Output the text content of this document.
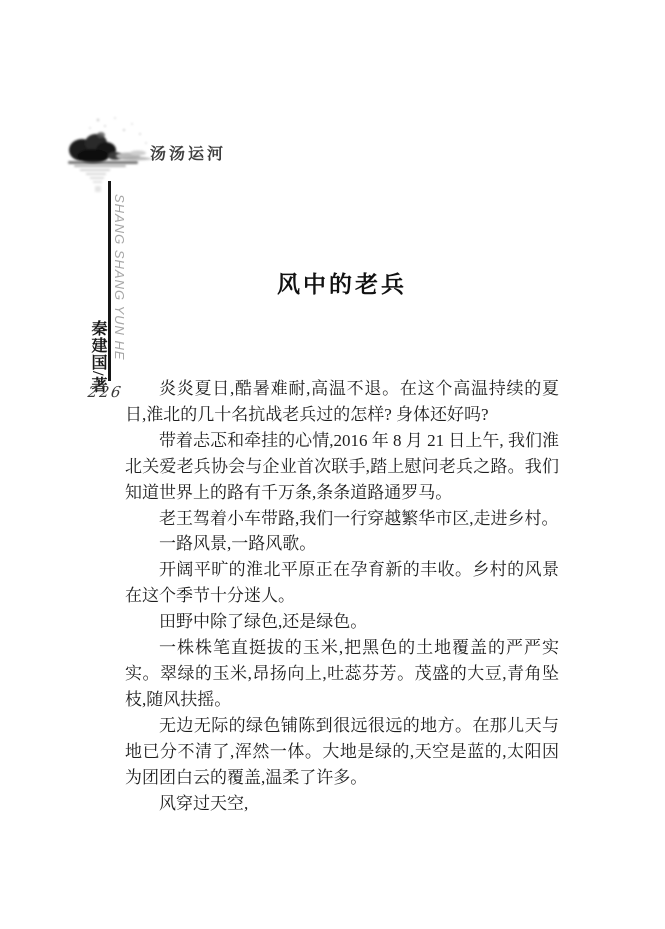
汤汤运河
SHANG SHANG YUN HE
秦建国/著
226
风中的老兵

炎炎夏日,酷暑难耐,高温不退。在这个高温持续的夏日,淮北的几十名抗战老兵过的怎样? 身体还好吗?

带着忐忑和牵挂的心情,2016 年 8 月 21 日上午, 我们淮北关爱老兵协会与企业首次联手,踏上慰问老兵之路。我们知道世界上的路有千万条,条条道路通罗马。

老王驾着小车带路,我们一行穿越繁华市区,走进乡村。

一路风景,一路风歌。

开阔平旷的淮北平原正在孕育新的丰收。乡村的风景在这个季节十分迷人。

田野中除了绿色,还是绿色。

一株株笔直挺拔的玉米,把黑色的土地覆盖的严严实实。翠绿的玉米,昂扬向上,吐蕊芬芳。茂盛的大豆,青角坠枝,随风扶摇。

无边无际的绿色铺陈到很远很远的地方。在那儿天与地已分不清了,浑然一体。大地是绿的,天空是蓝的,太阳因为团团白云的覆盖,温柔了许多。

风穿过天空,
